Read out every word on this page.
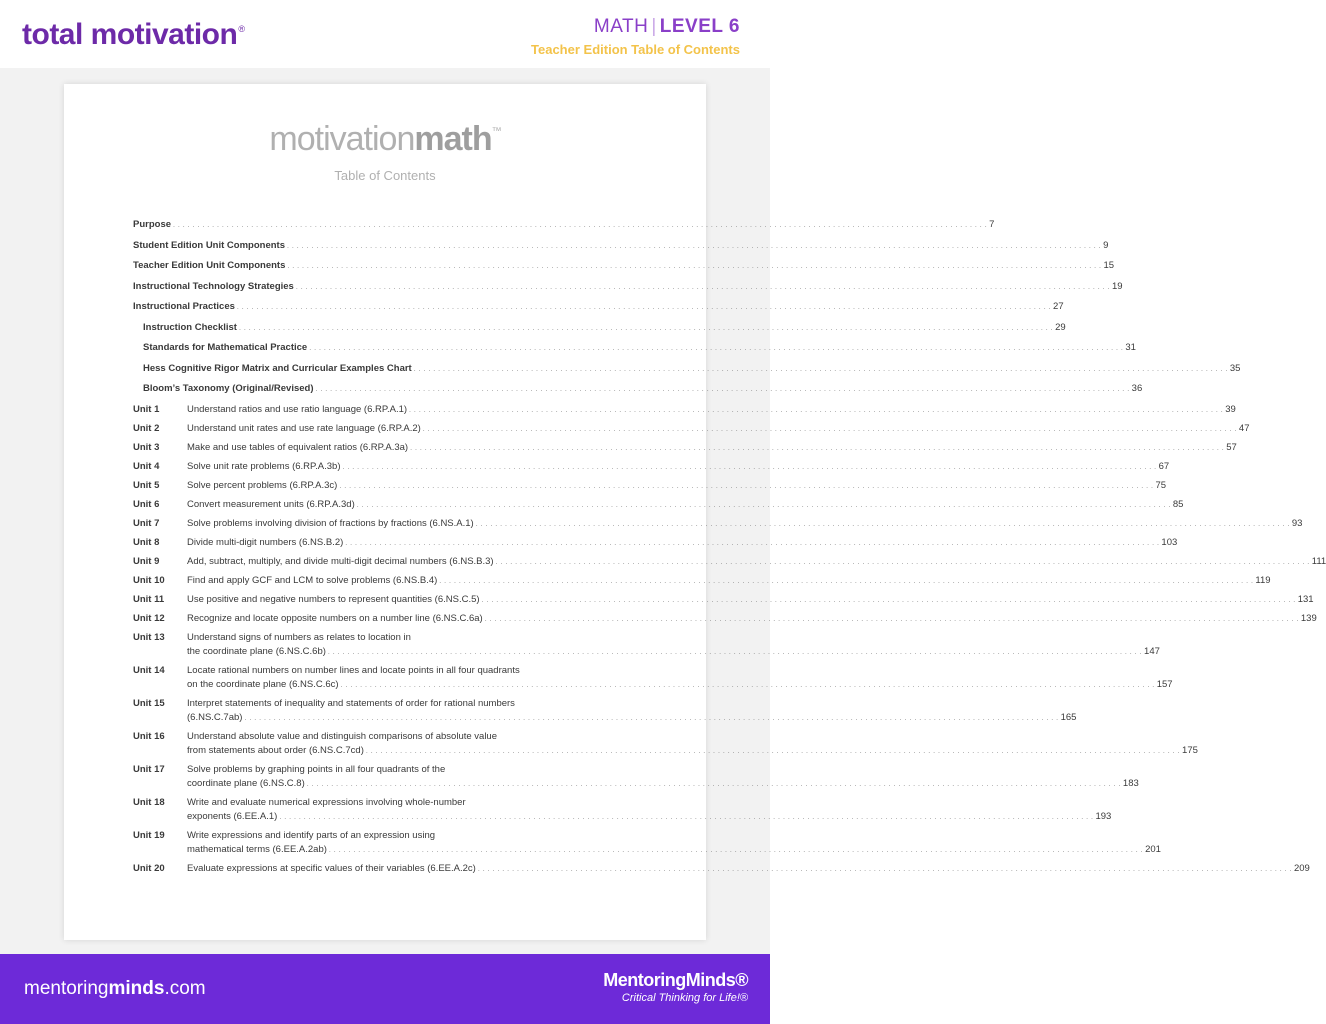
total motivation®	MATH | LEVEL 6
Teacher Edition Table of Contents
motivationmath™
Table of Contents
Purpose . . .	7
Student Edition Unit Components . . .	9
Teacher Edition Unit Components . . .	15
Instructional Technology Strategies . . .	19
Instructional Practices . . .	27
Instruction Checklist . . .	29
Standards for Mathematical Practice . . .	31
Hess Cognitive Rigor Matrix and Curricular Examples Chart . . .	35
Bloom’s Taxonomy (Original/Revised) . . .	36
Unit 1	Understand ratios and use ratio language (6.RP.A.1) . . .	39
Unit 2	Understand unit rates and use rate language (6.RP.A.2) . . .	47
Unit 3	Make and use tables of equivalent ratios (6.RP.A.3a) . . .	57
Unit 4	Solve unit rate problems (6.RP.A.3b) . . .	67
Unit 5	Solve percent problems (6.RP.A.3c) . . .	75
Unit 6	Convert measurement units (6.RP.A.3d) . . .	85
Unit 7	Solve problems involving division of fractions by fractions (6.NS.A.1) . . .	93
Unit 8	Divide multi-digit numbers (6.NS.B.2) . . .	103
Unit 9	Add, subtract, multiply, and divide multi-digit decimal numbers (6.NS.B.3) . . .	111
Unit 10	Find and apply GCF and LCM to solve problems (6.NS.B.4) . . .	119
Unit 11	Use positive and negative numbers to represent quantities (6.NS.C.5) . . .	131
Unit 12	Recognize and locate opposite numbers on a number line (6.NS.C.6a) . . .	139
Unit 13	Understand signs of numbers as relates to location in
the coordinate plane (6.NS.C.6b) . . .	147
Unit 14	Locate rational numbers on number lines and locate points in all four quadrants
on the coordinate plane (6.NS.C.6c) . . .	157
Unit 15	Interpret statements of inequality and statements of order for rational numbers
(6.NS.C.7ab) . . .	165
Unit 16	Understand absolute value and distinguish comparisons of absolute value
from statements about order (6.NS.C.7cd) . . .	175
Unit 17	Solve problems by graphing points in all four quadrants of the
coordinate plane (6.NS.C.8) . . .	183
Unit 18	Write and evaluate numerical expressions involving whole-number
exponents (6.EE.A.1) . . .	193
Unit 19	Write expressions and identify parts of an expression using
mathematical terms (6.EE.A.2ab) . . .	201
Unit 20	Evaluate expressions at specific values of their variables (6.EE.A.2c) . . .	209
mentoringminds.com	MentoringMinds®
Critical Thinking for Life!®
